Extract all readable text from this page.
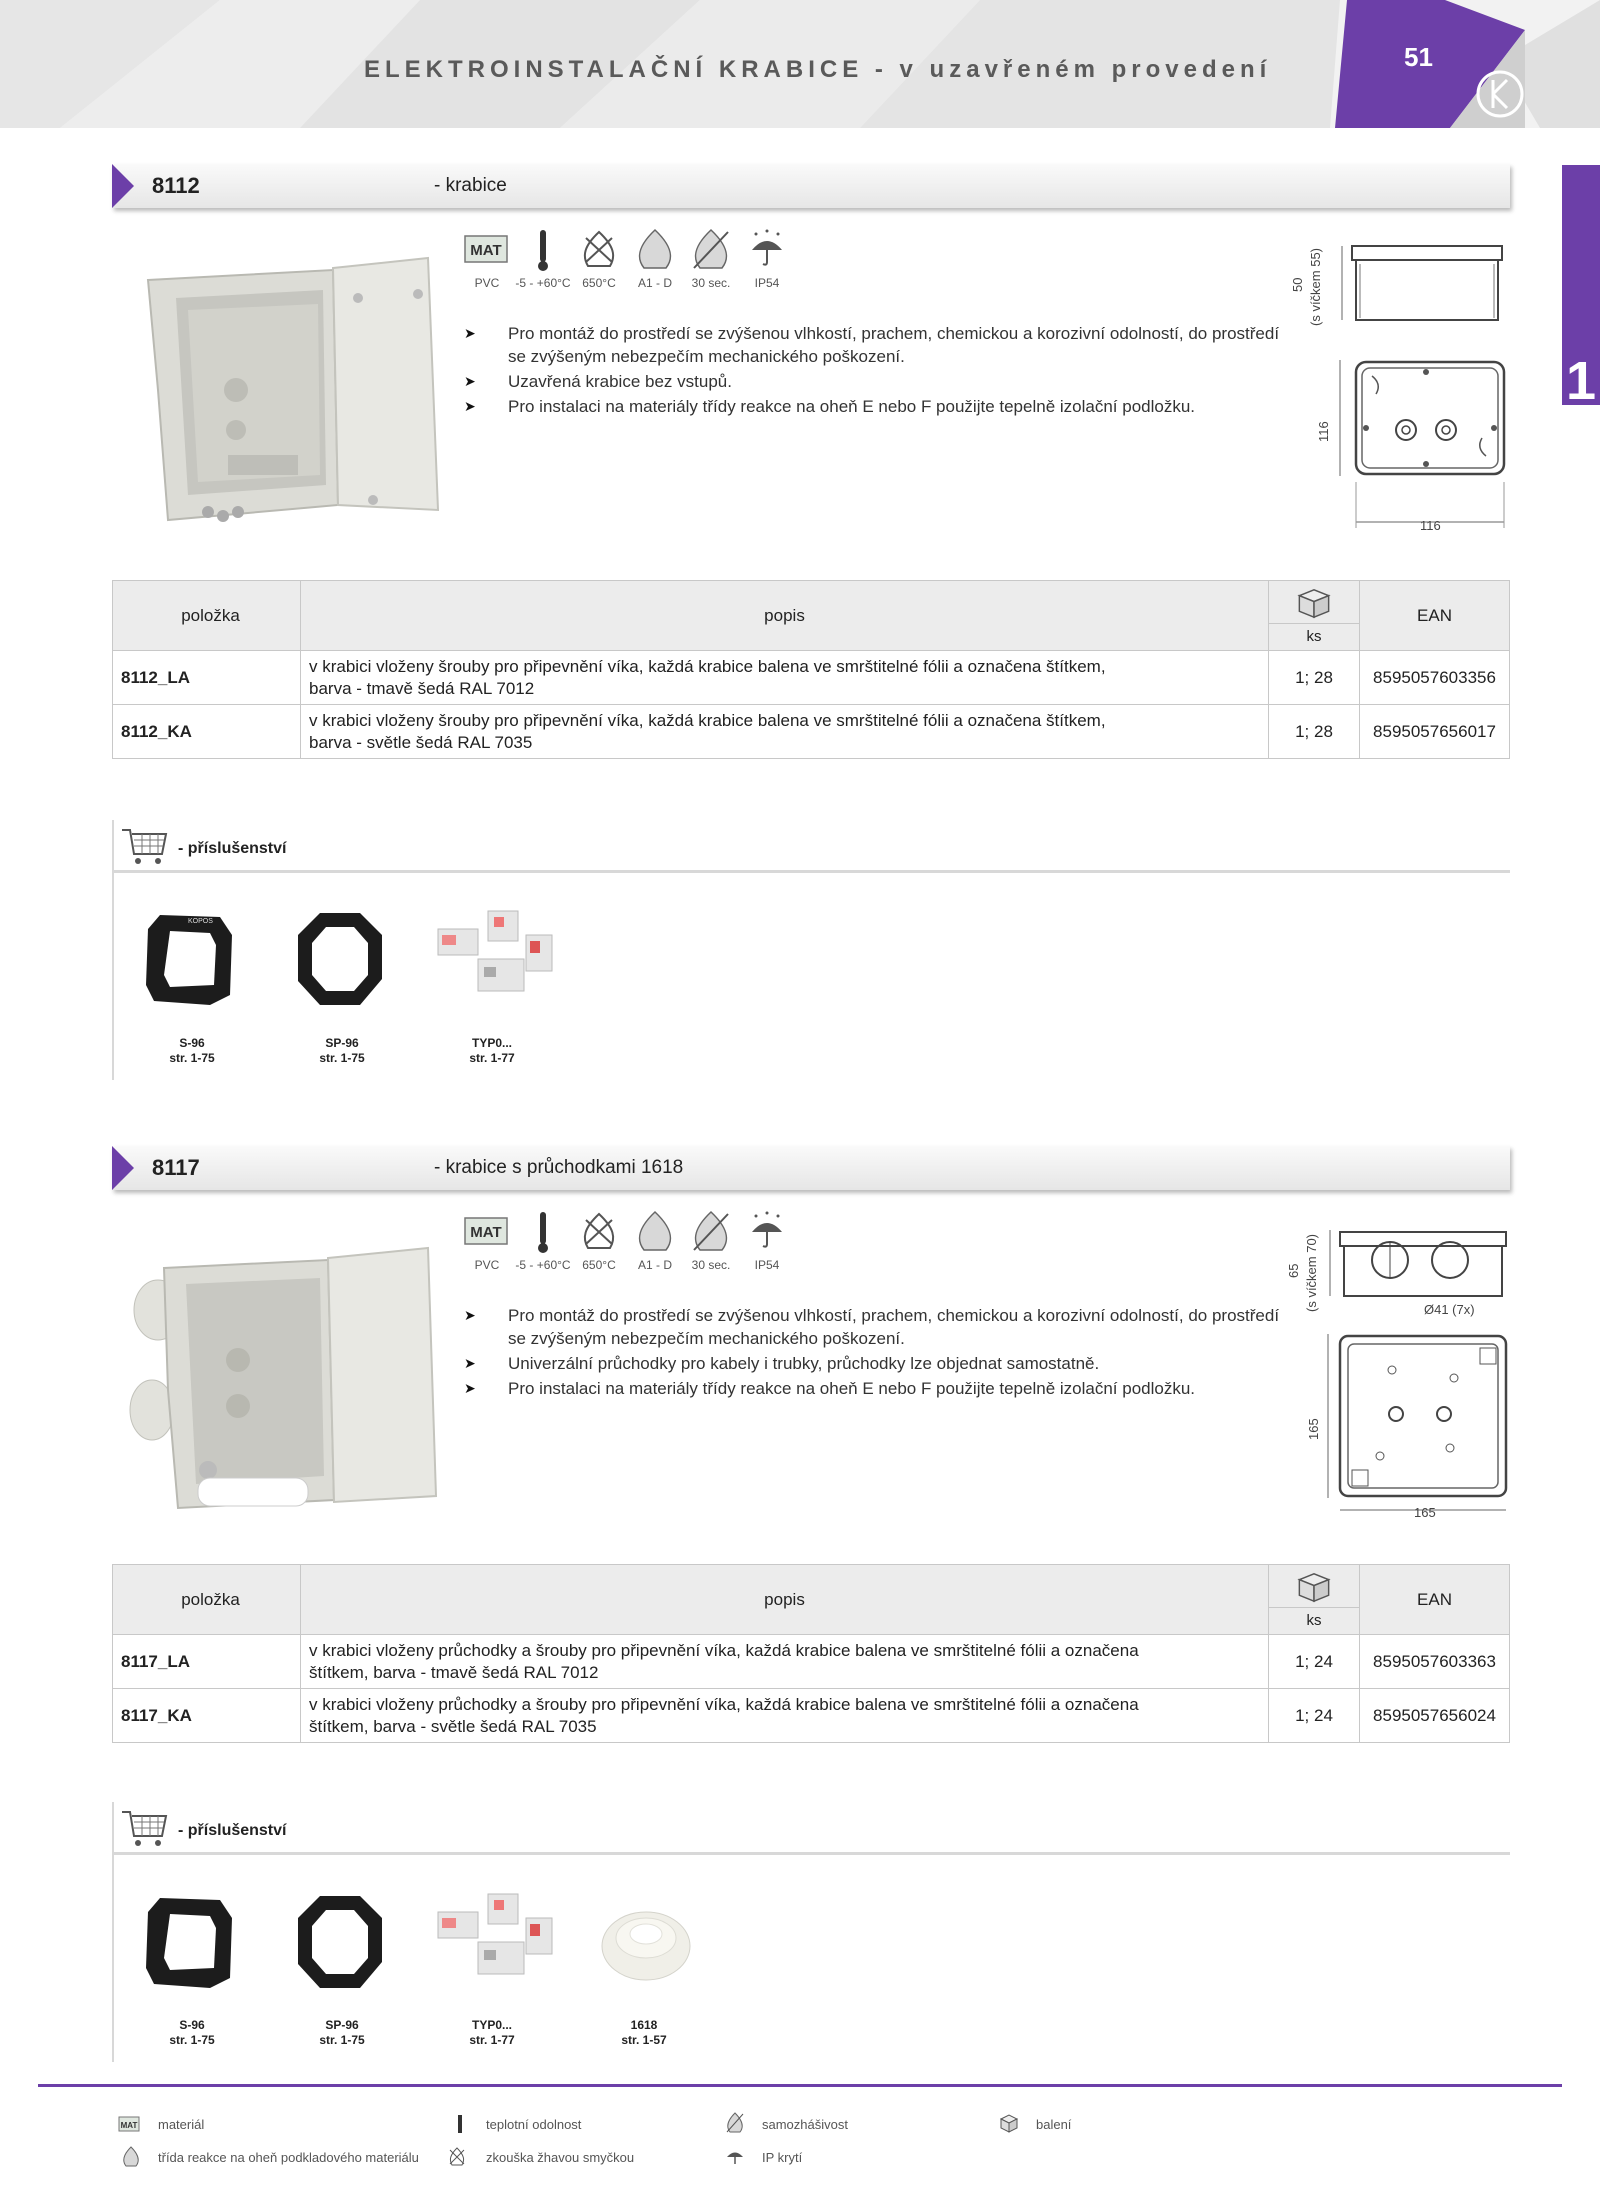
ELEKTROINSTALAČNÍ KRABICE - v uzavřeném provedení	51
1
8112	- krabice
MAT
PVC	-5 - +60°C 650°C	A1 - D	30 sec.	IP54
➤ Pro montáž do prostředí se zvýšenou vlhkostí, prachem, chemickou a korozivní odolností, do prostředí se zvýšeným nebezpečím mechanického poškození.
➤ Uzavřená krabice bez vstupů.
➤ Pro instalaci na materiály třídy reakce na oheň E nebo F použijte tepelně izolační podložku.
50 (s víčkem 55)
116
116
položka	popis	ks	EAN
8112_LA	v krabici vloženy šrouby pro připevnění víka, každá krabice balena ve smrštitelné fólii a označena štítkem,
barva - tmavě šedá RAL 7012	1; 28	8595057603356
8112_KA	v krabici vloženy šrouby pro připevnění víka, každá krabice balena ve smrštitelné fólii a označena štítkem,
barva - světle šedá RAL 7035	1; 28	8595057656017
- příslušenství
KOPOS
S-96
str. 1-75
SP-96
str. 1-75
TYP0...
str. 1-77
8117	- krabice s průchodkami 1618
MAT
PVC	-5 - +60°C 650°C	A1 - D	30 sec.	IP54
➤ Pro montáž do prostředí se zvýšenou vlhkostí, prachem, chemickou a korozivní odolností, do prostředí se zvýšeným nebezpečím mechanického poškození.
➤ Univerzální průchodky pro kabely i trubky, průchodky lze objednat samostatně.
➤ Pro instalaci na materiály třídy reakce na oheň E nebo F použijte tepelně izolační podložku.
65 (s víčkem 70)	Ø41 (7x)
165
165
položka	popis	ks	EAN
8117_LA	v krabici vloženy průchodky a šrouby pro připevnění víka, každá krabice balena ve smrštitelné fólii a označena
štítkem, barva - tmavě šedá RAL 7012	1; 24	8595057603363
8117_KA	v krabici vloženy průchodky a šrouby pro připevnění víka, každá krabice balena ve smrštitelné fólii a označena
štítkem, barva - světle šedá RAL 7035	1; 24	8595057656024
- příslušenství
S-96
str. 1-75
SP-96
str. 1-75
TYP0...
str. 1-77
1618
str. 1-57
MAT materiál	teplotní odolnost	samozhášivost	balení
třída reakce na oheň podkladového materiálu	zkouška žhavou smyčkou	IP krytí
